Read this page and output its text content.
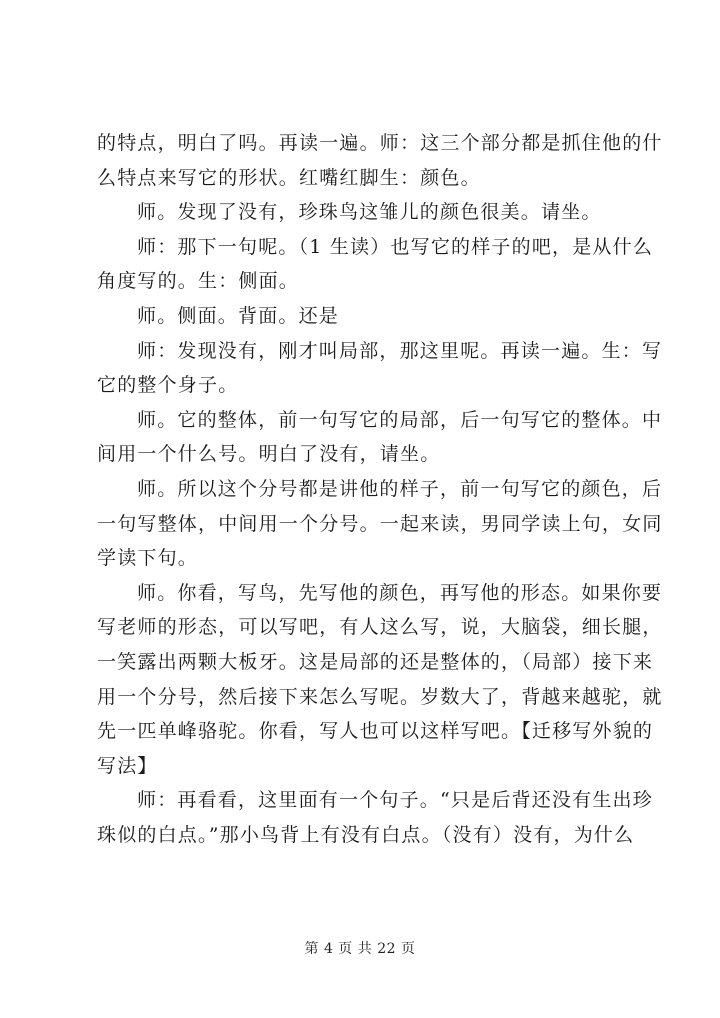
的特点，明白了吗。再读一遍。师：这三个部分都是抓住他的什
么特点来写它的形状。红嘴红脚生：颜色。
师。发现了没有，珍珠鸟这雏儿的颜色很美。请坐。
师：那下一句呢。（1 生读）也写它的样子的吧，是从什么
角度写的。生：侧面。
师。侧面。背面。还是
师：发现没有，刚才叫局部，那这里呢。再读一遍。生：写
它的整个身子。
师。它的整体，前一句写它的局部，后一句写它的整体。中
间用一个什么号。明白了没有，请坐。
师。所以这个分号都是讲他的样子，前一句写它的颜色，后
一句写整体，中间用一个分号。一起来读，男同学读上句，女同
学读下句。
师。你看，写鸟，先写他的颜色，再写他的形态。如果你要
写老师的形态，可以写吧，有人这么写，说，大脑袋，细长腿，
一笑露出两颗大板牙。这是局部的还是整体的，（局部）接下来
用一个分号，然后接下来怎么写呢。岁数大了，背越来越驼，就
先一匹单峰骆驼。你看，写人也可以这样写吧。【迁移写外貌的
写法】
师：再看看，这里面有一个句子。“只是后背还没有生出珍
珠似的白点。”那小鸟背上有没有白点。（没有）没有，为什么
第 4 页 共 22 页
